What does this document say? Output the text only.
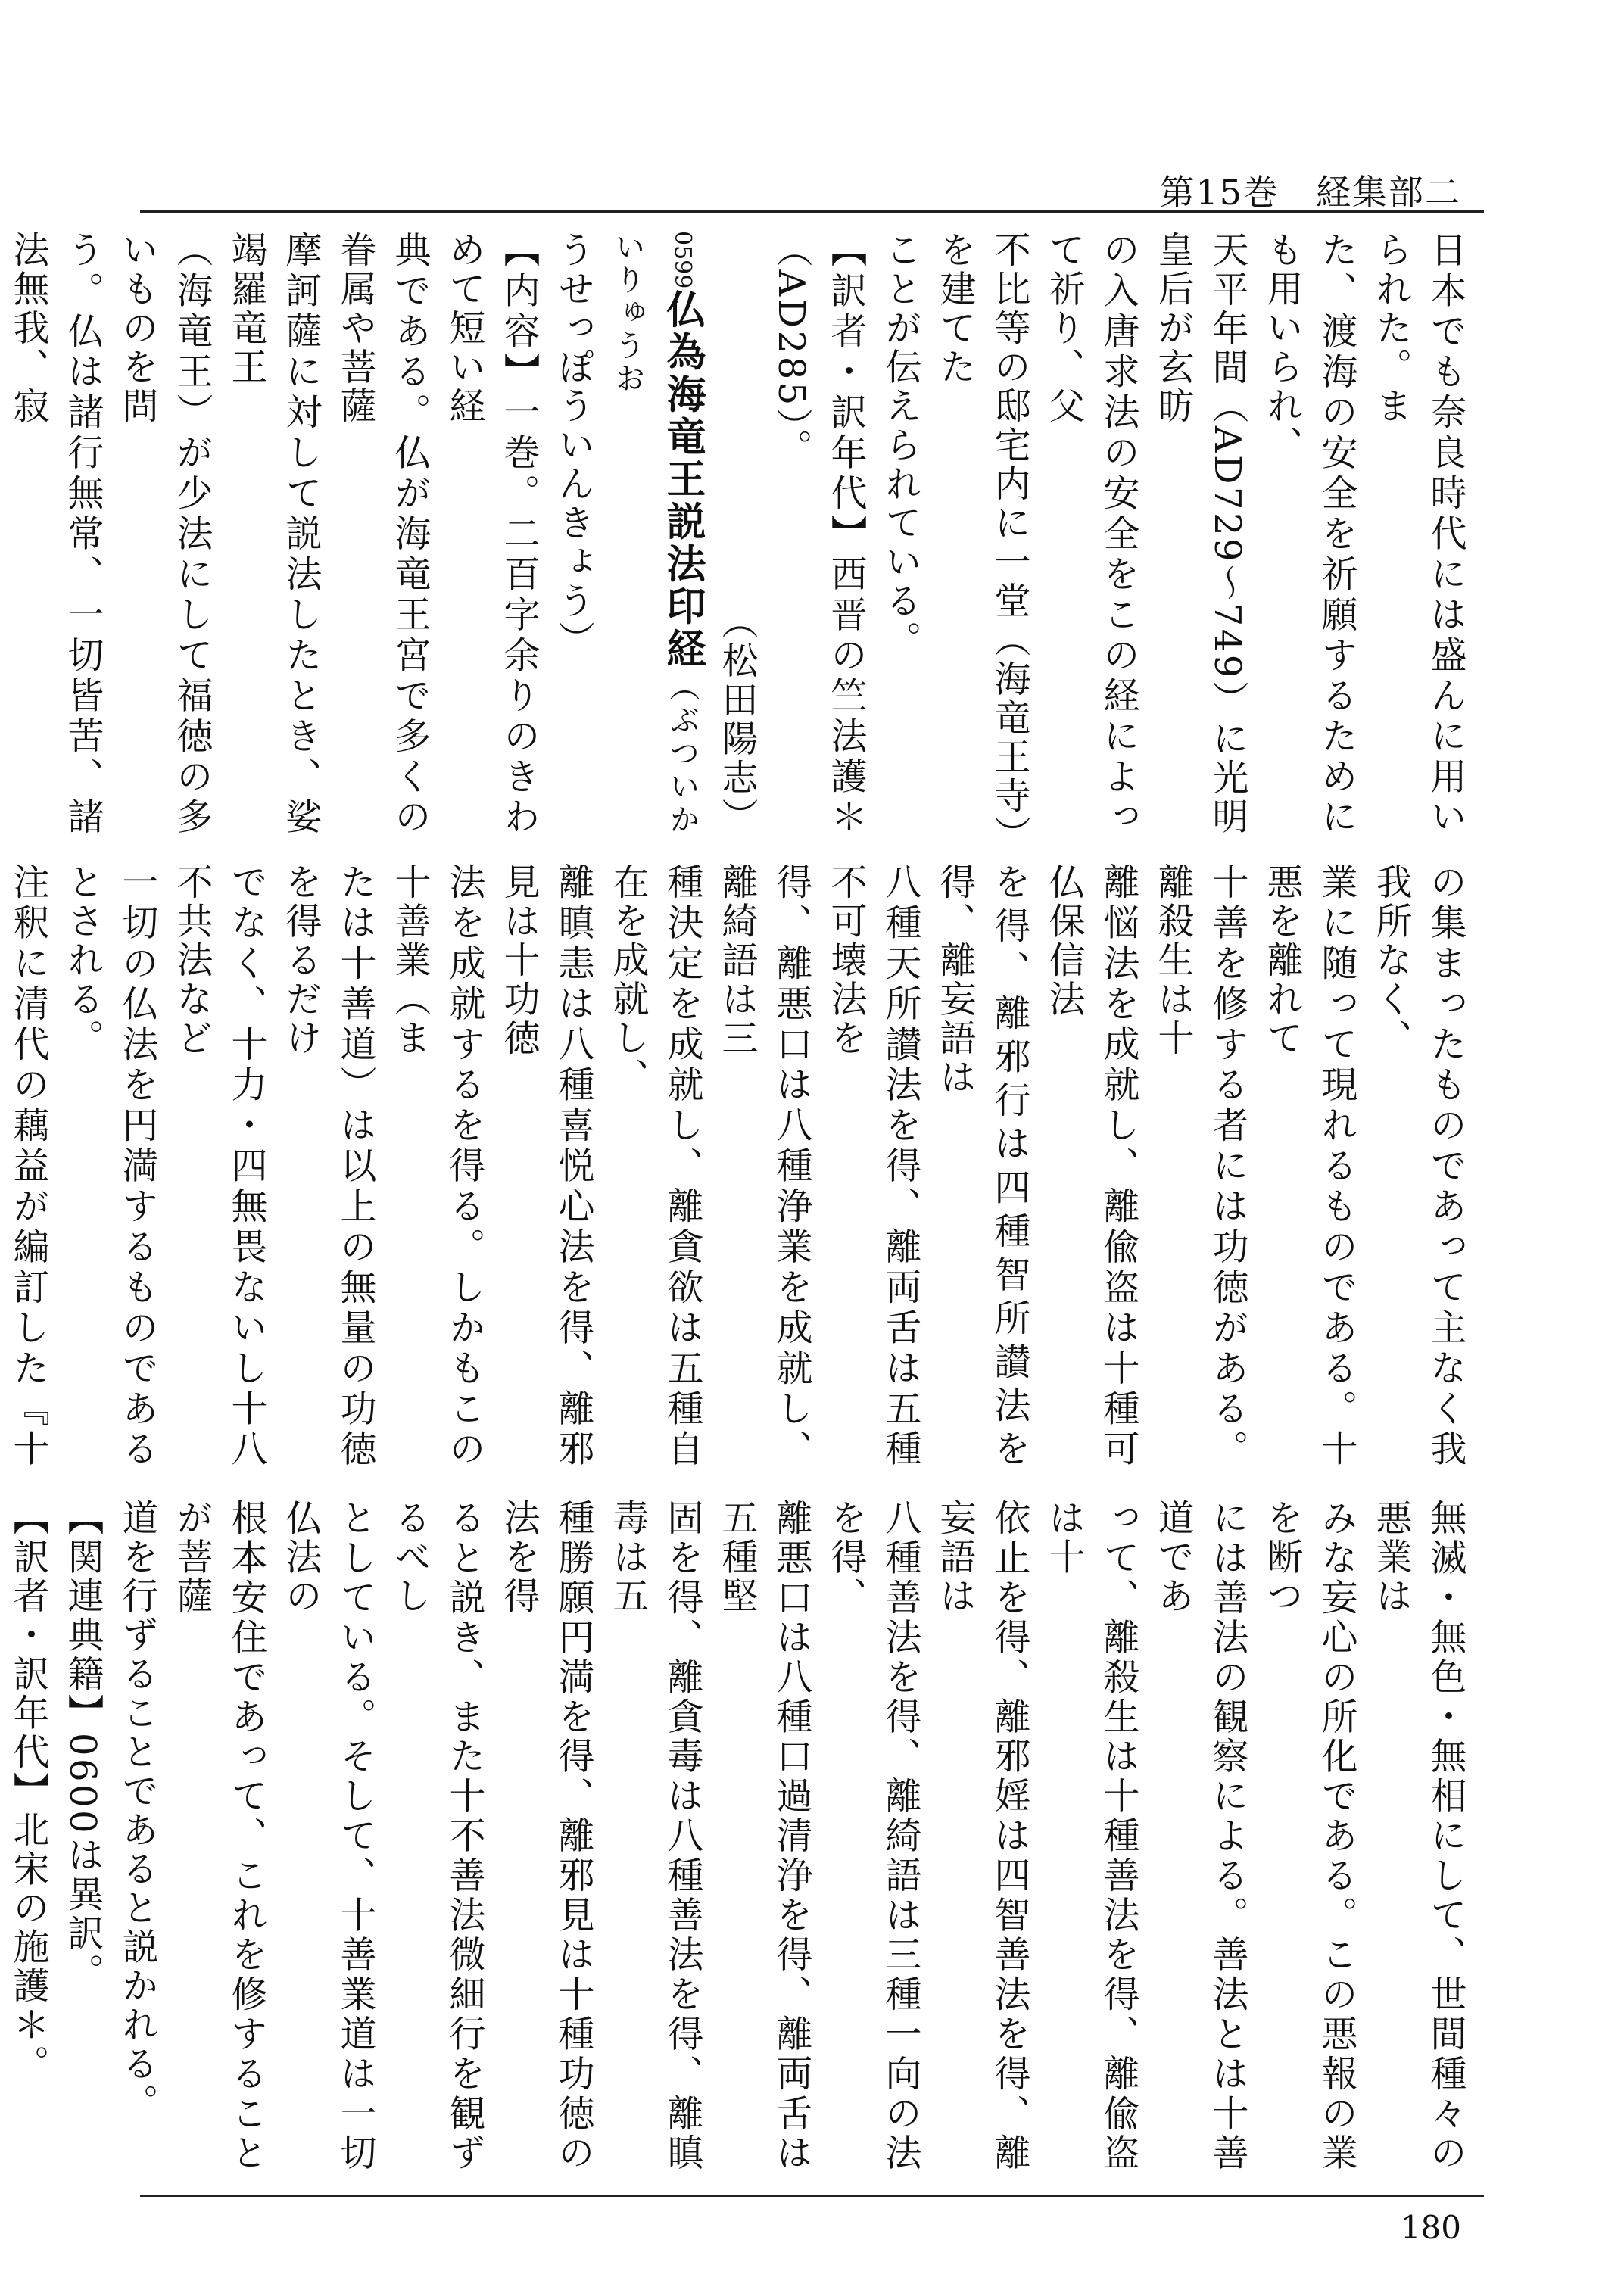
第15巻　経集部二
日本でも奈良時代には盛んに用いられた。ま
た、渡海の安全を祈願するためにも用いられ、
天平年間（AD729～749）に光明皇后が玄昉
の入唐求法の安全をこの経によって祈り、父
不比等の邸宅内に一堂（海竜王寺）を建てた
ことが伝えられている。
【訳者・訳年代】西晋の竺法護＊（AD285）。
（松田陽志）
0599仏為海竜王説法印経（ぶついかいりゅうお
うせっぽういんきょう）
【内容】一巻。二百字余りのきわめて短い経
典である。仏が海竜王宮で多くの眷属や菩薩
摩訶薩に対して説法したとき、娑竭羅竜王
（海竜王）が少法にして福徳の多いものを問
う。仏は諸行無常、一切皆苦、諸法無我、寂
の集まったものであって主なく我我所なく、
業に随って現れるものである。十悪を離れて
十善を修する者には功徳がある。離殺生は十
離悩法を成就し、離偸盗は十種可仏保信法
を得、離邪行は四種智所讃法を得、離妄語は
八種天所讃法を得、離両舌は五種不可壊法を
得、離悪口は八種浄業を成就し、離綺語は三
種決定を成就し、離貪欲は五種自在を成就し、
離瞋恚は八種喜悦心法を得、離邪見は十功徳
法を成就するを得る。しかもこの十善業（ま
たは十善道）は以上の無量の功徳を得るだけ
でなく、十力・四無畏ないし十八不共法など
一切の仏法を円満するものであるとされる。
注釈に清代の藕益が編訂した『十
無滅・無色・無相にして、世間種々の悪業は
みな妄心の所化である。この悪報の業を断つ
には善法の観察による。善法とは十善道であ
って、離殺生は十種善法を得、離偸盗は十
依止を得、離邪婬は四智善法を得、離妄語は
八種善法を得、離綺語は三種一向の法を得、
離悪口は八種口過清浄を得、離両舌は五種堅
固を得、離貪毒は八種善法を得、離瞋毒は五
種勝願円満を得、離邪見は十種功徳の法を得
ると説き、また十不善法微細行を観ずるべし
としている。そして、十善業道は一切仏法の
根本安住であって、これを修することが菩薩
道を行ずることであると説かれる。
【関連典籍】0600は異訳。
【訳者・訳年代】北宋の施護＊。
180
